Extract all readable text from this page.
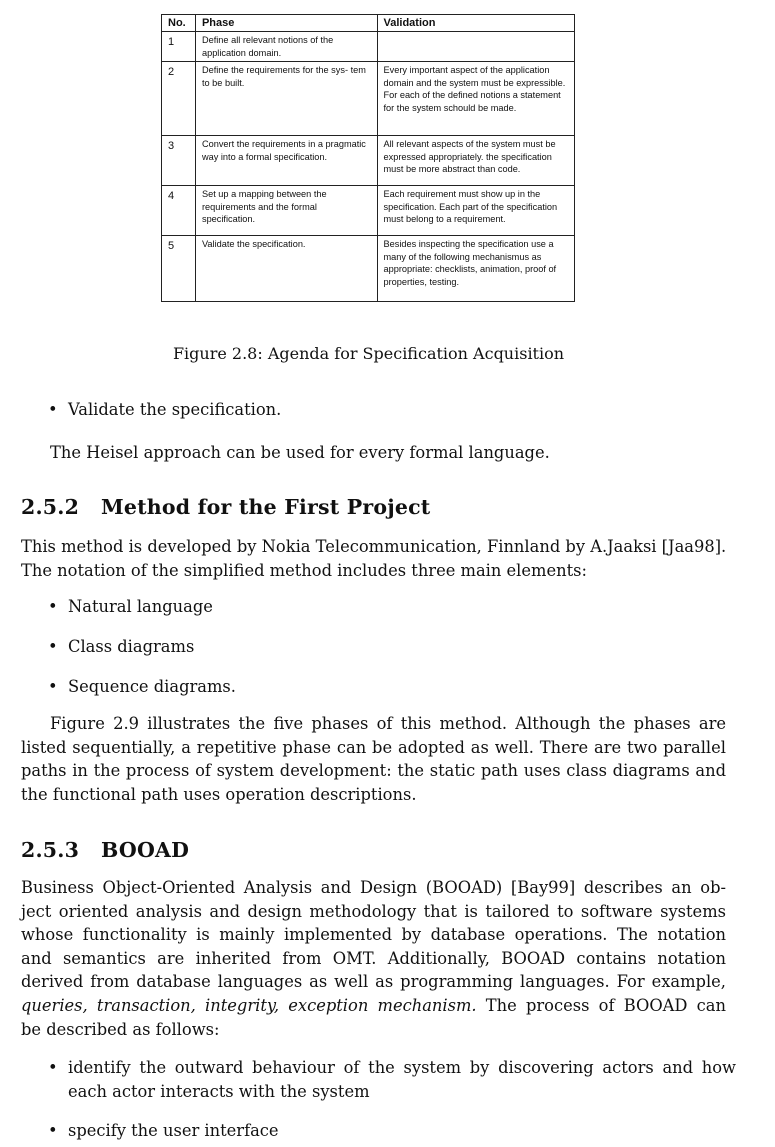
No.	Phase	Validation
1	Define all relevant notions of the application domain.	
2	Define the requirements for the sys- tem to be built.	Every important aspect of the application domain and the system must be expressible. For each of the defined notions a statement for the system schould be made.
3	Convert the requirements in a pragmatic way into a formal specification.	All relevant aspects of the system must be expressed appropriately. the specification must be more abstract than code.
4	Set up a mapping between the requirements and the formal specification.	Each requirement must show up in the specification. Each part of the specification must belong to a requirement.
5	Validate the specification.	Besides inspecting the specification use a many of the following mechanismus as appropriate: checklists, animation, proof of properties, testing.
Figure 2.8: Agenda for Specification Acquisition
• Validate the specification.
The Heisel approach can be used for every formal language.
2.5.2 Method for the First Project
This method is developed by Nokia Telecommunication, Finnland by A.Jaaksi [Jaa98].
The notation of the simplified method includes three main elements:
• Natural language
• Class diagrams
• Sequence diagrams.
Figure 2.9 illustrates the five phases of this method. Although the phases are
listed sequentially, a repetitive phase can be adopted as well. There are two parallel
paths in the process of system development: the static path uses class diagrams and
the functional path uses operation descriptions.
2.5.3 BOOAD
Business Object-Oriented Analysis and Design (BOOAD) [Bay99] describes an ob-
ject oriented analysis and design methodology that is tailored to software systems
whose functionality is mainly implemented by database operations. The notation
and semantics are inherited from OMT. Additionally, BOOAD contains notation
derived from database languages as well as programming languages. For example,
queries, transaction, integrity, exception mechanism. The process of BOOAD can
be described as follows:
• identify the outward behaviour of the system by discovering actors and how
each actor interacts with the system
• specify the user interface
